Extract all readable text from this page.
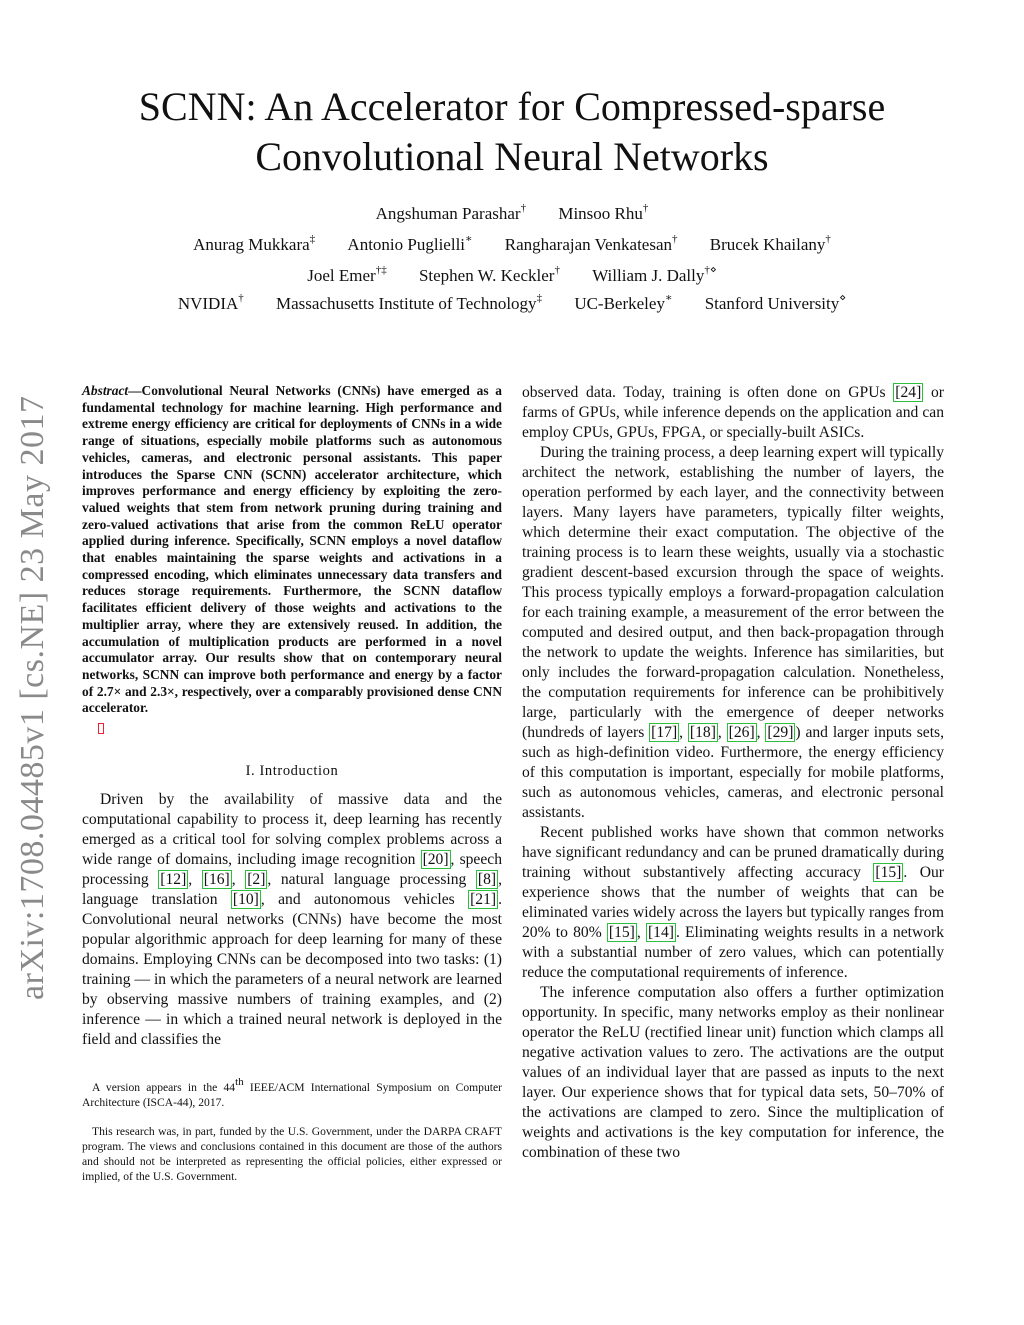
arXiv:1708.04485v1 [cs.NE] 23 May 2017
SCNN: An Accelerator for Compressed-sparse
Convolutional Neural Networks
Angshuman Parashar† Minsoo Rhu†
Anurag Mukkara‡ Antonio Puglielli∗ Rangharajan Venkatesan† Brucek Khailany†
Joel Emer†‡ Stephen W. Keckler† William J. Dally†⋄
NVIDIA† Massachusetts Institute of Technology‡ UC-Berkeley∗ Stanford University⋄

Abstract—Convolutional Neural Networks (CNNs) have emerged as a fundamental technology for machine learning. High performance and extreme energy efficiency are critical for deployments of CNNs in a wide range of situations, especially mobile platforms such as autonomous vehicles, cameras, and electronic personal assistants. This paper introduces the Sparse CNN (SCNN) accelerator architecture, which improves performance and energy efficiency by exploiting the zero-valued weights that stem from network pruning during training and zero-valued activations that arise from the common ReLU operator applied during inference. Specifically, SCNN employs a novel dataflow that enables maintaining the sparse weights and activations in a compressed encoding, which eliminates unnecessary data transfers and reduces storage requirements. Furthermore, the SCNN dataflow facilitates efficient delivery of those weights and activations to the multiplier array, where they are extensively reused. In addition, the accumulation of multiplication products are performed in a novel accumulator array. Our results show that on contemporary neural networks, SCNN can improve both performance and energy by a factor of 2.7× and 2.3×, respectively, over a comparably provisioned dense CNN accelerator.

I. Introduction

Driven by the availability of massive data and the computational capability to process it, deep learning has recently emerged as a critical tool for solving complex problems across a wide range of domains, including image recognition [20] , speech processing [12] , [16] , [2] , natural language processing [8] , language translation [10] , and autonomous vehicles [21] . Convolutional neural networks (CNNs) have become the most popular algorithmic approach for deep learning for many of these domains. Employing CNNs can be decomposed into two tasks: (1) training — in which the parameters of a neural network are learned by observing massive numbers of training examples, and (2) inference — in which a trained neural network is deployed in the field and classifies the

A version appears in the 44th IEEE/ACM International Symposium on Computer Architecture (ISCA-44), 2017.

This research was, in part, funded by the U.S. Government, under the DARPA CRAFT program. The views and conclusions contained in this document are those of the authors and should not be interpreted as representing the official policies, either expressed or implied, of the U.S. Government.

observed data. Today, training is often done on GPUs [24] or farms of GPUs, while inference depends on the application and can employ CPUs, GPUs, FPGA, or specially-built ASICs.

During the training process, a deep learning expert will typically architect the network, establishing the number of layers, the operation performed by each layer, and the connectivity between layers. Many layers have parameters, typically filter weights, which determine their exact computation. The objective of the training process is to learn these weights, usually via a stochastic gradient descent-based excursion through the space of weights. This process typically employs a forward-propagation calculation for each training example, a measurement of the error between the computed and desired output, and then back-propagation through the network to update the weights. Inference has similarities, but only includes the forward-propagation calculation. Nonetheless, the computation requirements for inference can be prohibitively large, particularly with the emergence of deeper networks (hundreds of layers [17] , [18] , [26] , [29] ) and larger inputs sets, such as high-definition video. Furthermore, the energy efficiency of this computation is important, especially for mobile platforms, such as autonomous vehicles, cameras, and electronic personal assistants.

Recent published works have shown that common networks have significant redundancy and can be pruned dramatically during training without substantively affecting accuracy [15] . Our experience shows that the number of weights that can be eliminated varies widely across the layers but typically ranges from 20% to 80% [15] , [14] . Eliminating weights results in a network with a substantial number of zero values, which can potentially reduce the computational requirements of inference.

The inference computation also offers a further optimization opportunity. In specific, many networks employ as their nonlinear operator the ReLU (rectified linear unit) function which clamps all negative activation values to zero. The activations are the output values of an individual layer that are passed as inputs to the next layer. Our experience shows that for typical data sets, 50–70% of the activations are clamped to zero. Since the multiplication of weights and activations is the key computation for inference, the combination of these two
